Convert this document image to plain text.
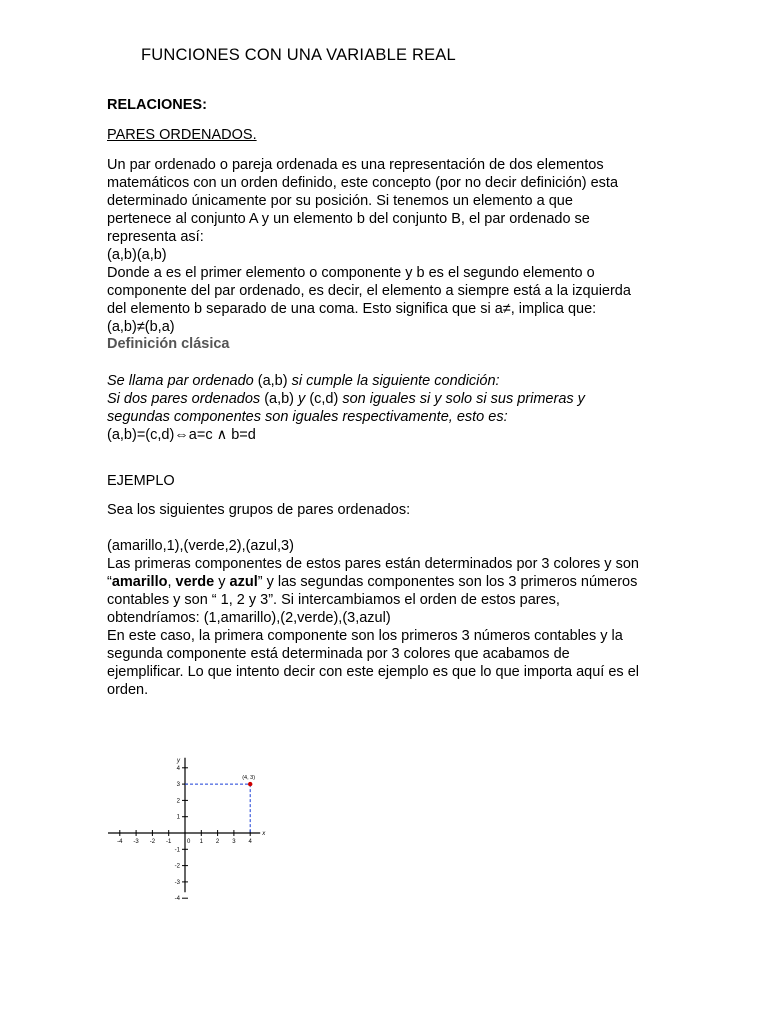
FUNCIONES CON UNA VARIABLE REAL
RELACIONES:
PARES ORDENADOS.
Un par ordenado o pareja ordenada es una representación de dos elementos
matemáticos con un orden definido, este concepto (por no decir definición) esta
determinado únicamente por su posición. Si tenemos un elemento a que
pertenece al conjunto A y un elemento b del conjunto B, el par ordenado se
representa así:
(a,b)(a,b)
Donde a es el primer elemento o componente y b es el segundo elemento o
componente del par ordenado, es decir, el elemento a siempre está a la izquierda
del elemento b separado de una coma. Esto significa que si a≠, implica que:
(a,b)≠(b,a)
Definición clásica
Se llama par ordenado (a,b) si cumple la siguiente condición:
Si dos pares ordenados (a,b) y (c,d) son iguales si y solo si sus primeras y
segundas componentes son iguales respectivamente, esto es:
(a,b)=(c,d)⇔a=c ∧ b=d
EJEMPLO
Sea los siguientes grupos de pares ordenados:
(amarillo,1),(verde,2),(azul,3)
Las primeras componentes de estos pares están determinados por 3 colores y son
“amarillo, verde y azul” y las segundas componentes son los 3 primeros números
contables y son “ 1, 2 y 3”. Si intercambiamos el orden de estos pares,
obtendríamos: (1,amarillo),(2,verde),(3,azul)
En este caso, la primera componente son los primeros 3 números contables y la
segunda componente está determinada por 3 colores que acabamos de
ejemplificar. Lo que intento decir con este ejemplo es que lo que importa aquí es el
orden.
-4 -3 -2 -1	0 1 2 3 4
4
3
2
1
-1
-2
-3
-4
x
y
(4, 3)
